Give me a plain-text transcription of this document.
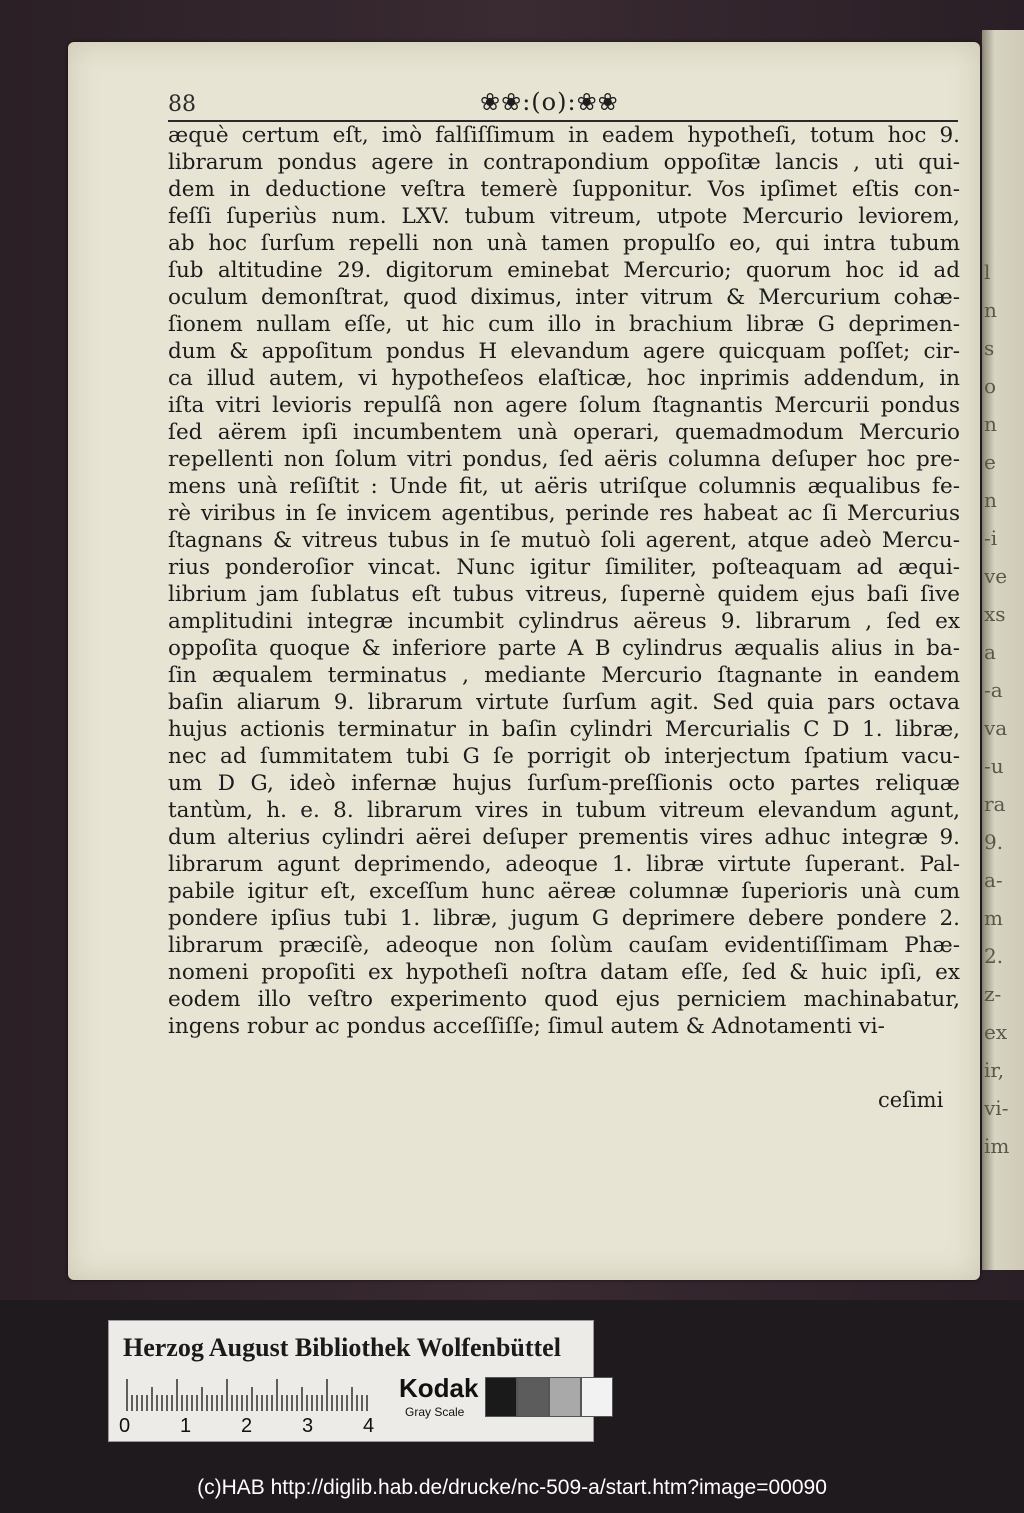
l
n
s
o
n
e
n
-i
ve
xs
a
-a
va
-u
ra
9.
a-
m
2.
z-
ex
ir,
vi-
im
88	❀❀:(o):❀❀
æquè certum eſt, imò falſiſſimum in eadem hypotheſi, totum hoc 9.
librarum pondus agere in contrapondium oppoſitæ lancis , uti qui-
dem in deductione veſtra temerè ſupponitur. Vos ipſimet eſtis con-
feſſi ſuperiùs num. LXV. tubum vitreum, utpote Mercurio leviorem,
ab hoc ſurſum repelli non unà tamen propulſo eo, qui intra tubum
ſub altitudine 29. digitorum eminebat Mercurio; quorum hoc id ad
oculum demonſtrat, quod diximus, inter vitrum & Mercurium cohæ-
ſionem nullam eſſe, ut hic cum illo in brachium libræ G deprimen-
dum & appoſitum pondus H elevandum agere quicquam poſſet; cir-
ca illud autem, vi hypotheſeos elaſticæ, hoc inprimis addendum, in
iſta vitri levioris repulſâ non agere ſolum ſtagnantis Mercurii pondus
ſed aërem ipſi incumbentem unà operari, quemadmodum Mercurio
repellenti non ſolum vitri pondus, ſed aëris columna deſuper hoc pre-
mens unà reſiſtit : Unde fit, ut aëris utriſque columnis æqualibus fe-
rè viribus in ſe invicem agentibus, perinde res habeat ac ſi Mercurius
ſtagnans & vitreus tubus in ſe mutuò ſoli agerent, atque adeò Mercu-
rius ponderoſior vincat. Nunc igitur ſimiliter, poſteaquam ad æqui-
librium jam ſublatus eſt tubus vitreus, ſupernè quidem ejus baſi ſive
amplitudini integræ incumbit cylindrus aëreus 9. librarum , ſed ex
oppoſita quoque & inferiore parte A B cylindrus æqualis alius in ba-
ſin æqualem terminatus , mediante Mercurio ſtagnante in eandem
baſin aliarum 9. librarum virtute ſurſum agit. Sed quia pars octava
hujus actionis terminatur in baſin cylindri Mercurialis C D 1. libræ,
nec ad ſummitatem tubi G ſe porrigit ob interjectum ſpatium vacu-
um D G, ideò infernæ hujus ſurſum-preſſionis octo partes reliquæ
tantùm, h. e. 8. librarum vires in tubum vitreum elevandum agunt,
dum alterius cylindri aërei deſuper prementis vires adhuc integræ 9.
librarum agunt deprimendo, adeoque 1. libræ virtute ſuperant. Pal-
pabile igitur eſt, exceſſum hunc aëreæ columnæ ſuperioris unà cum
pondere ipſius tubi 1. libræ, jugum G deprimere debere pondere 2.
librarum præciſè, adeoque non ſolùm cauſam evidentiſſimam Phæ-
nomeni propoſiti ex hypotheſi noſtra datam eſſe, ſed & huic ipſi, ex
eodem illo veſtro experimento quod ejus perniciem machinabatur,
ingens robur ac pondus acceſſiſſe; ſimul autem & Adnotamenti vi-
ceſimi
Herzog August Bibliothek Wolfenbüttel
0 1 2 3 4
Kodak
Gray Scale
(c)HAB http://diglib.hab.de/drucke/nc-509-a/start.htm?image=00090
